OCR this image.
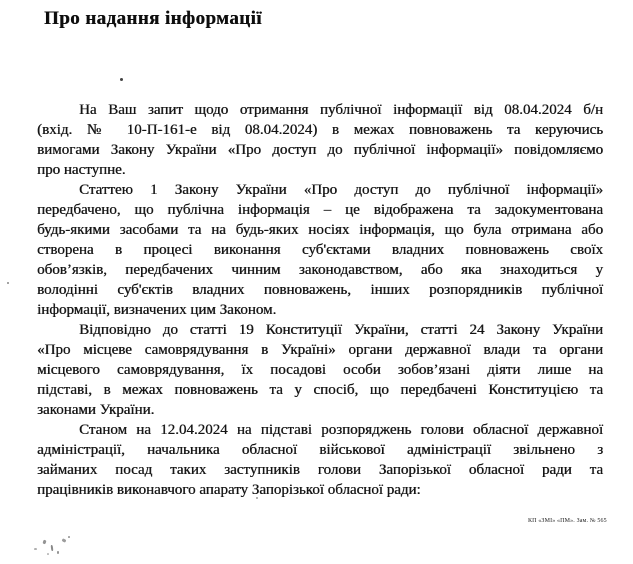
Про надання інформації
На Ваш запит щодо отримання публічної інформації від 08.04.2024 б/н
(вхід. № 10-П-161-е від 08.04.2024) в межах повноважень та керуючись
вимогами Закону України «Про доступ до публічної інформації» повідомляємо
про наступне.
Статтею 1 Закону України «Про доступ до публічної інформації»
передбачено, що публічна інформація – це відображена та задокументована
будь-якими засобами та на будь-яких носіях інформація, що була отримана або
створена в процесі виконання суб'єктами владних повноважень своїх
обов’язків, передбачених чинним законодавством, або яка знаходиться у
володінні суб'єктів владних повноважень, інших розпорядників публічної
інформації, визначених цим Законом.
Відповідно до статті 19 Конституції України, статті 24 Закону України
«Про місцеве самоврядування в Україні» органи державної влади та органи
місцевого самоврядування, їх посадові особи зобов’язані діяти лише на
підставі, в межах повноважень та у спосіб, що передбачені Конституцією та
законами України.
Станом на 12.04.2024 на підставі розпоряджень голови обласної державної
адміністрації, начальника обласної військової адміністрації звільнено з
займаних посад таких заступників голови Запорізької обласної ради та
працівників виконавчого апарату Запорізької обласної ради:
КП «ЗМІ» «ПМ». Зам. № 565
